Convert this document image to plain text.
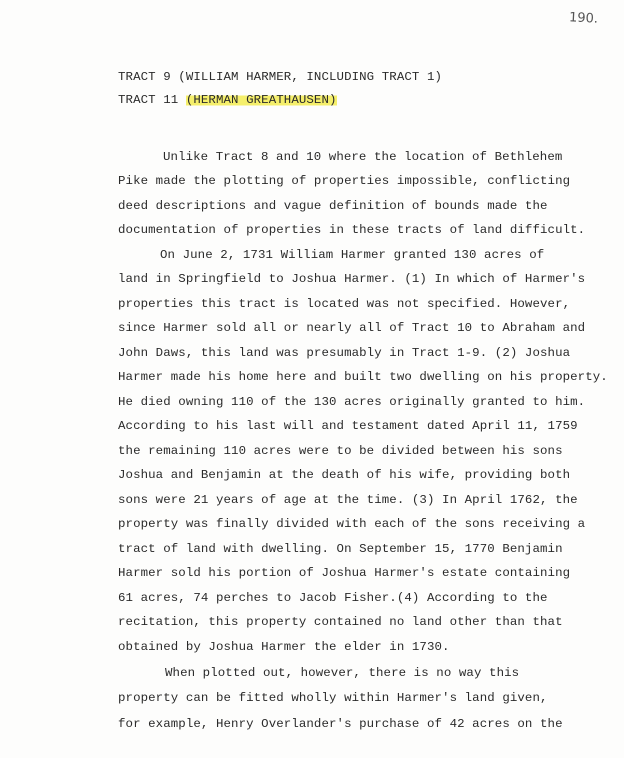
190.
TRACT 9 (WILLIAM HARMER, INCLUDING TRACT 1)
TRACT 11 (HERMAN GREATHAUSEN)
Unlike Tract 8 and 10 where the location of Bethlehem
Pike made the plotting of properties impossible, conflicting
deed descriptions and vague definition of bounds made the
documentation of properties in these tracts of land difficult.
On June 2, 1731 William Harmer granted 130 acres of
land in Springfield to Joshua Harmer. (1) In which of Harmer's
properties this tract is located was not specified. However,
since Harmer sold all or nearly all of Tract 10 to Abraham and
John Daws, this land was presumably in Tract 1-9. (2) Joshua
Harmer made his home here and built two dwelling on his property.
He died owning 110 of the 130 acres originally granted to him.
According to his last will and testament dated April 11, 1759
the remaining 110 acres were to be divided between his sons
Joshua and Benjamin at the death of his wife, providing both
sons were 21 years of age at the time. (3) In April 1762, the
property was finally divided with each of the sons receiving a
tract of land with dwelling. On September 15, 1770 Benjamin
Harmer sold his portion of Joshua Harmer's estate containing
61 acres, 74 perches to Jacob Fisher.(4) According to the
recitation, this property contained no land other than that
obtained by Joshua Harmer the elder in 1730.
When plotted out, however, there is no way this
property can be fitted wholly within Harmer's land given,
for example, Henry Overlander's purchase of 42 acres on the
